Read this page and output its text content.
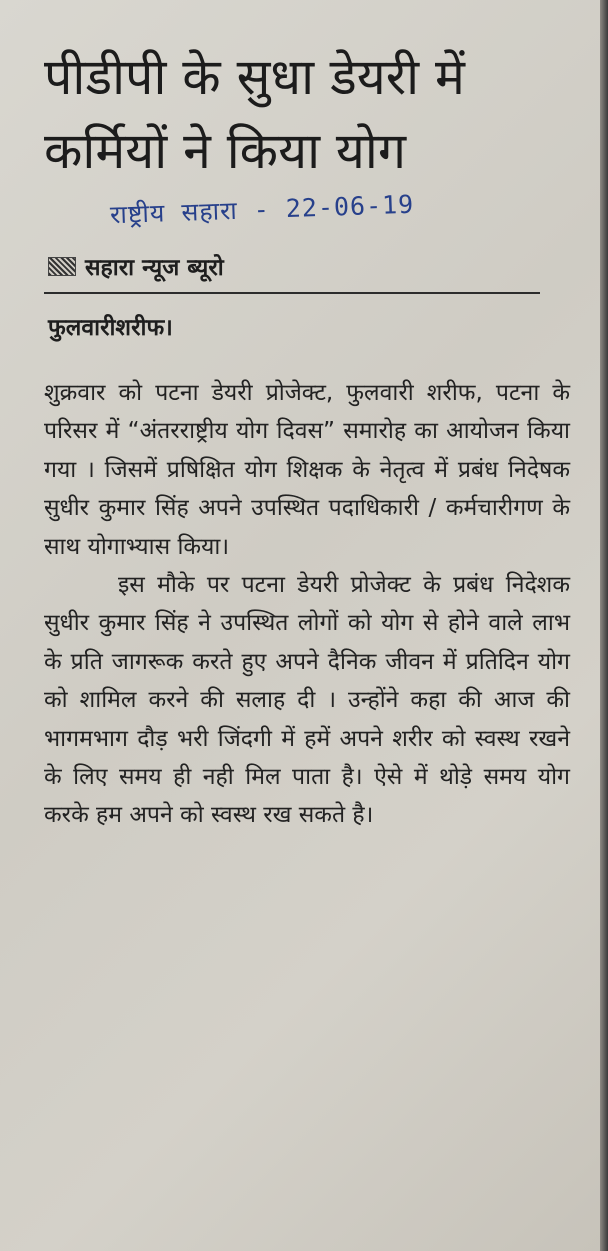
पीडीपी के सुधा डेयरी में कर्मियों ने किया योग
राष्ट्रीय सहारा - 22-06-19
सहारा न्यूज ब्यूरो
फुलवारीशरीफ।

शुक्रवार को पटना डेयरी प्रोजेक्ट, फुलवारी शरीफ, पटना के परिसर में “अंतरराष्ट्रीय योग दिवस” समारोह का आयोजन किया गया । जिसमें प्रषिक्षित योग शिक्षक के नेतृत्व में प्रबंध निदेषक सुधीर कुमार सिंह अपने उपस्थित पदाधिकारी / कर्मचारीगण के साथ योगाभ्यास किया।

इस मौके पर पटना डेयरी प्रोजेक्ट के प्रबंध निदेशक सुधीर कुमार सिंह ने उपस्थित लोगों को योग से होने वाले लाभ के प्रति जागरूक करते हुए अपने दैनिक जीवन में प्रतिदिन योग को शामिल करने की सलाह दी । उन्होंने कहा की आज की भागमभाग दौड़ भरी जिंदगी में हमें अपने शरीर को स्वस्थ रखने के लिए समय ही नही मिल पाता है। ऐसे में थोड़े समय योग करके हम अपने को स्वस्थ रख सकते है।
